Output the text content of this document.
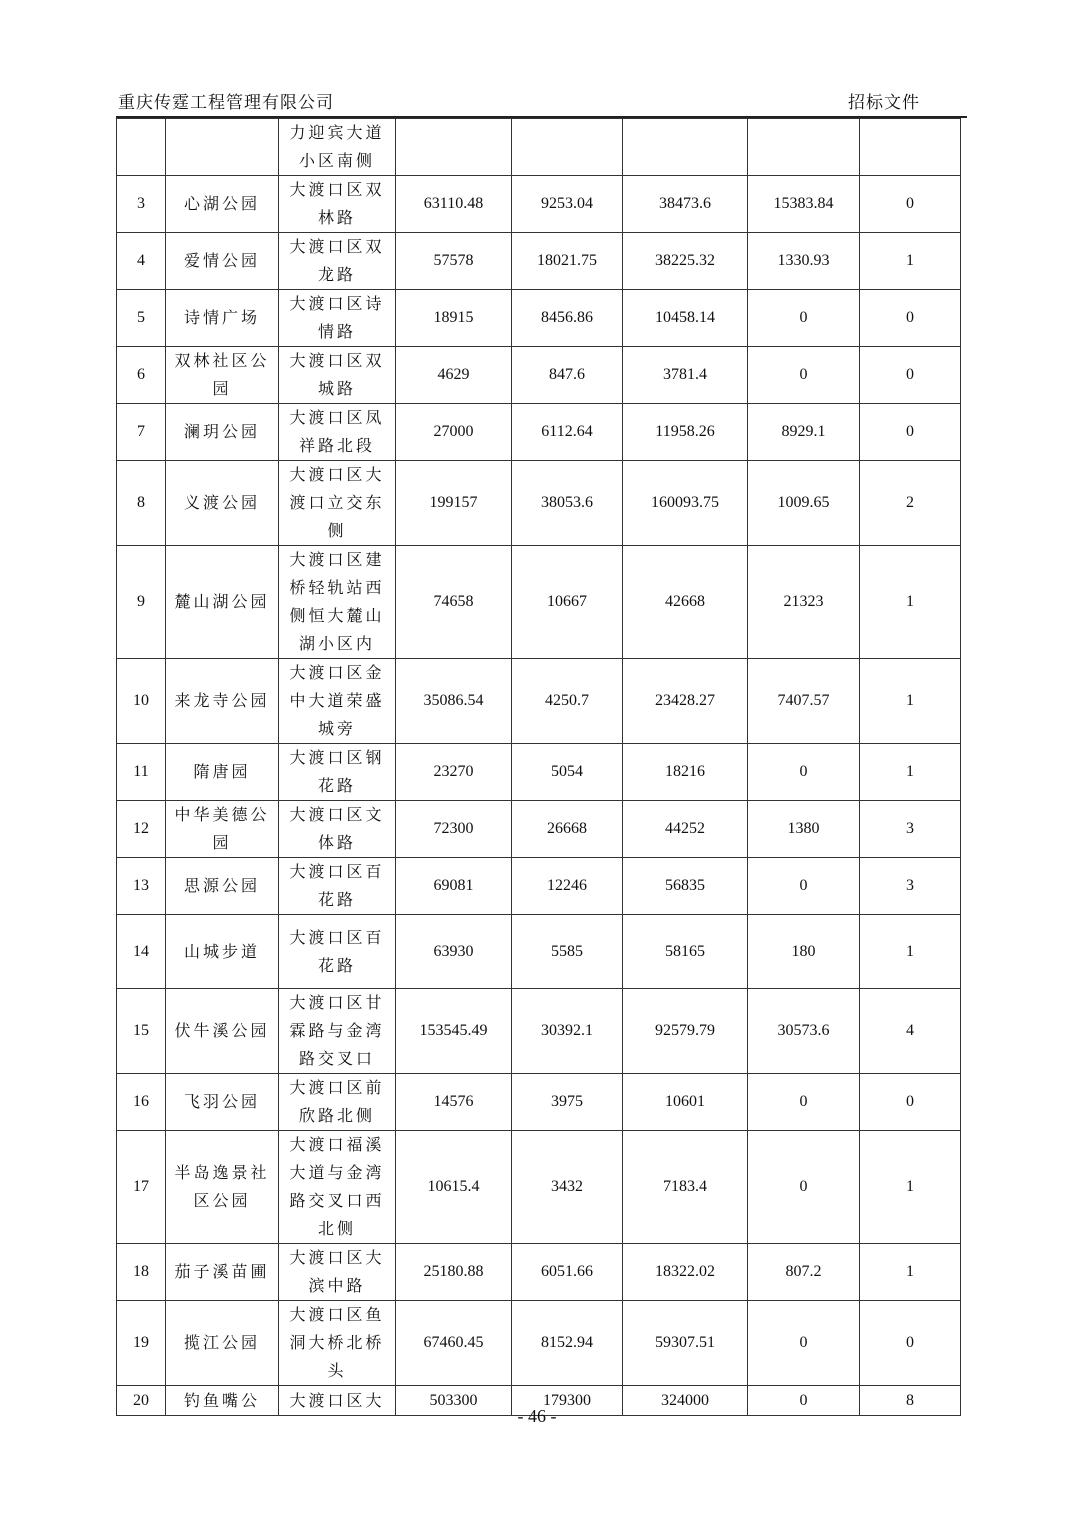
重庆传霆工程管理有限公司	招标文件
		力迎宾大道小区南侧					
3	心湖公园	大渡口区双林路	63110.48	9253.04	38473.6	15383.84	0
4	爱情公园	大渡口区双龙路	57578	18021.75	38225.32	1330.93	1
5	诗情广场	大渡口区诗情路	18915	8456.86	10458.14	0	0
6	双林社区公园	大渡口区双城路	4629	847.6	3781.4	0	0
7	澜玥公园	大渡口区凤祥路北段	27000	6112.64	11958.26	8929.1	0
8	义渡公园	大渡口区大渡口立交东侧	199157	38053.6	160093.75	1009.65	2
9	麓山湖公园	大渡口区建桥轻轨站西侧恒大麓山湖小区内	74658	10667	42668	21323	1
10	来龙寺公园	大渡口区金中大道荣盛城旁	35086.54	4250.7	23428.27	7407.57	1
11	隋唐园	大渡口区钢花路	23270	5054	18216	0	1
12	中华美德公园	大渡口区文体路	72300	26668	44252	1380	3
13	思源公园	大渡口区百花路	69081	12246	56835	0	3
14	山城步道	大渡口区百花路	63930	5585	58165	180	1
15	伏牛溪公园	大渡口区甘霖路与金湾路交叉口	153545.49	30392.1	92579.79	30573.6	4
16	飞羽公园	大渡口区前欣路北侧	14576	3975	10601	0	0
17	半岛逸景社区公园	大渡口福溪大道与金湾路交叉口西北侧	10615.4	3432	7183.4	0	1
18	茄子溪苗圃	大渡口区大滨中路	25180.88	6051.66	18322.02	807.2	1
19	揽江公园	大渡口区鱼洞大桥北桥头	67460.45	8152.94	59307.51	0	0
20	钓鱼嘴公	大渡口区大	503300	179300	324000	0	8
- 46 -
